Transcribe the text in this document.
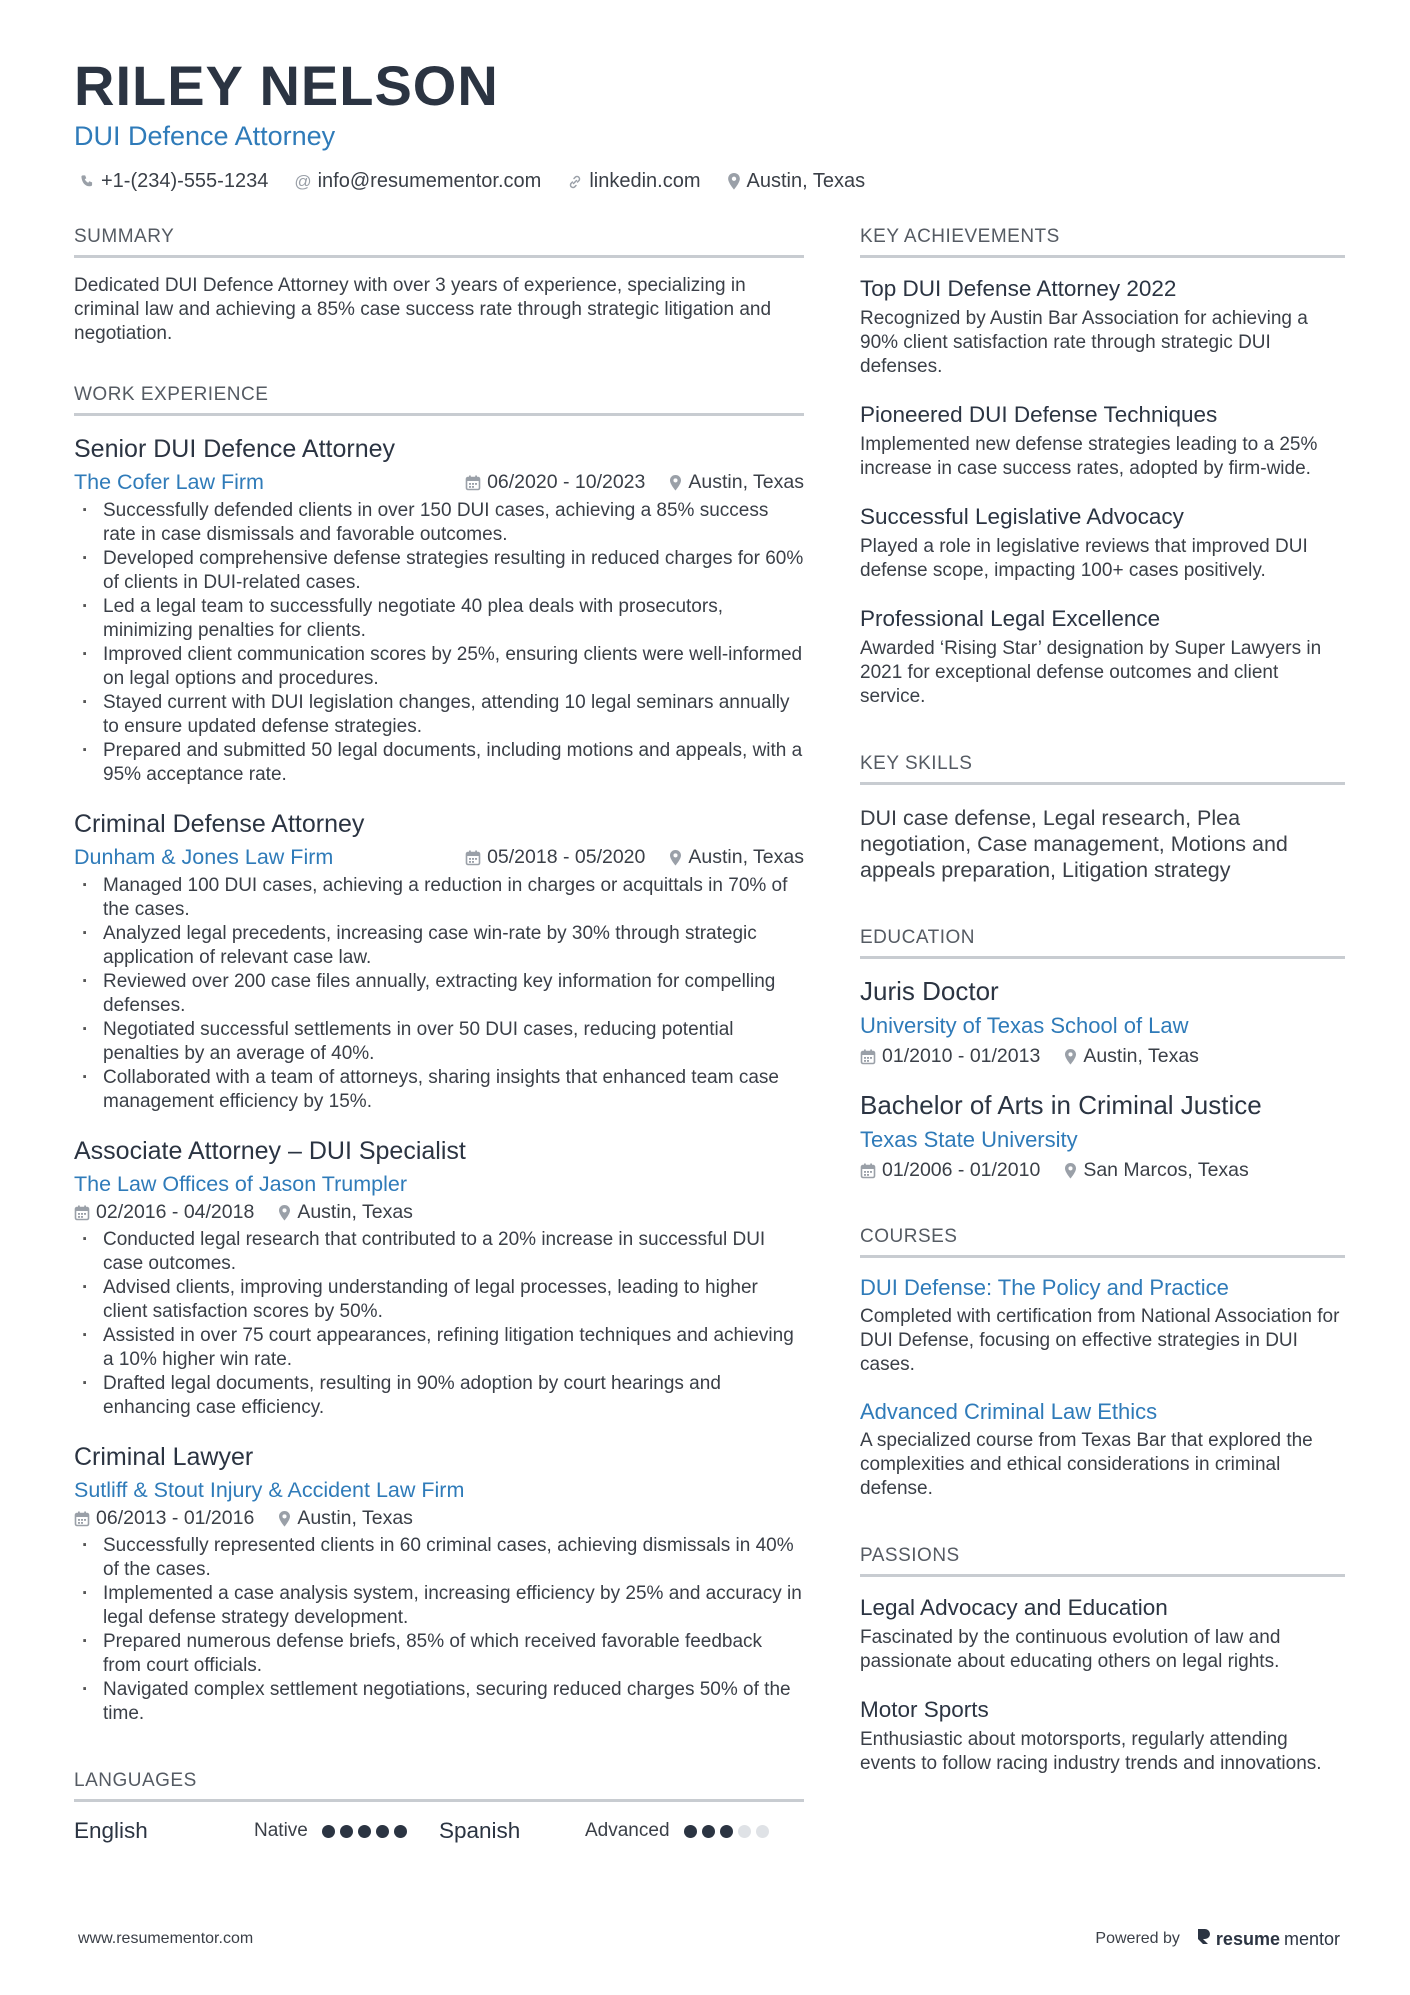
RILEY NELSON
DUI Defence Attorney
+1-(234)-555-1234 @ info@resumementor.com linkedin.com Austin, Texas
SUMMARY
Dedicated DUI Defence Attorney with over 3 years of experience, specializing in criminal law and achieving a 85% case success rate through strategic litigation and negotiation.
WORK EXPERIENCE
Senior DUI Defence Attorney
The Cofer Law Firm	06/2020 - 10/2023 Austin, Texas
· Successfully defended clients in over 150 DUI cases, achieving a 85% success rate in case dismissals and favorable outcomes.
· Developed comprehensive defense strategies resulting in reduced charges for 60% of clients in DUI-related cases.
· Led a legal team to successfully negotiate 40 plea deals with prosecutors, minimizing penalties for clients.
· Improved client communication scores by 25%, ensuring clients were well-informed on legal options and procedures.
· Stayed current with DUI legislation changes, attending 10 legal seminars annually to ensure updated defense strategies.
· Prepared and submitted 50 legal documents, including motions and appeals, with a 95% acceptance rate.
Criminal Defense Attorney
Dunham & Jones Law Firm	05/2018 - 05/2020 Austin, Texas
· Managed 100 DUI cases, achieving a reduction in charges or acquittals in 70% of the cases.
· Analyzed legal precedents, increasing case win-rate by 30% through strategic application of relevant case law.
· Reviewed over 200 case files annually, extracting key information for compelling defenses.
· Negotiated successful settlements in over 50 DUI cases, reducing potential penalties by an average of 40%.
· Collaborated with a team of attorneys, sharing insights that enhanced team case management efficiency by 15%.
Associate Attorney – DUI Specialist
The Law Offices of Jason Trumpler
02/2016 - 04/2018 Austin, Texas
· Conducted legal research that contributed to a 20% increase in successful DUI case outcomes.
· Advised clients, improving understanding of legal processes, leading to higher client satisfaction scores by 50%.
· Assisted in over 75 court appearances, refining litigation techniques and achieving a 10% higher win rate.
· Drafted legal documents, resulting in 90% adoption by court hearings and enhancing case efficiency.
Criminal Lawyer
Sutliff & Stout Injury & Accident Law Firm
06/2013 - 01/2016 Austin, Texas
· Successfully represented clients in 60 criminal cases, achieving dismissals in 40% of the cases.
· Implemented a case analysis system, increasing efficiency by 25% and accuracy in legal defense strategy development.
· Prepared numerous defense briefs, 85% of which received favorable feedback from court officials.
· Navigated complex settlement negotiations, securing reduced charges 50% of the time.
LANGUAGES
English	Native	Spanish	Advanced
KEY ACHIEVEMENTS
Top DUI Defense Attorney 2022
Recognized by Austin Bar Association for achieving a 90% client satisfaction rate through strategic DUI defenses.
Pioneered DUI Defense Techniques
Implemented new defense strategies leading to a 25% increase in case success rates, adopted by firm-wide.
Successful Legislative Advocacy
Played a role in legislative reviews that improved DUI defense scope, impacting 100+ cases positively.
Professional Legal Excellence
Awarded ‘Rising Star’ designation by Super Lawyers in 2021 for exceptional defense outcomes and client service.
KEY SKILLS
DUI case defense, Legal research, Plea negotiation, Case management, Motions and appeals preparation, Litigation strategy
EDUCATION
Juris Doctor
University of Texas School of Law
01/2010 - 01/2013 Austin, Texas
Bachelor of Arts in Criminal Justice
Texas State University
01/2006 - 01/2010 San Marcos, Texas
COURSES
DUI Defense: The Policy and Practice
Completed with certification from National Association for DUI Defense, focusing on effective strategies in DUI cases.
Advanced Criminal Law Ethics
A specialized course from Texas Bar that explored the complexities and ethical considerations in criminal defense.
PASSIONS
Legal Advocacy and Education
Fascinated by the continuous evolution of law and passionate about educating others on legal rights.
Motor Sports
Enthusiastic about motorsports, regularly attending events to follow racing industry trends and innovations.
www.resumementor.com	Powered by resume mentor
